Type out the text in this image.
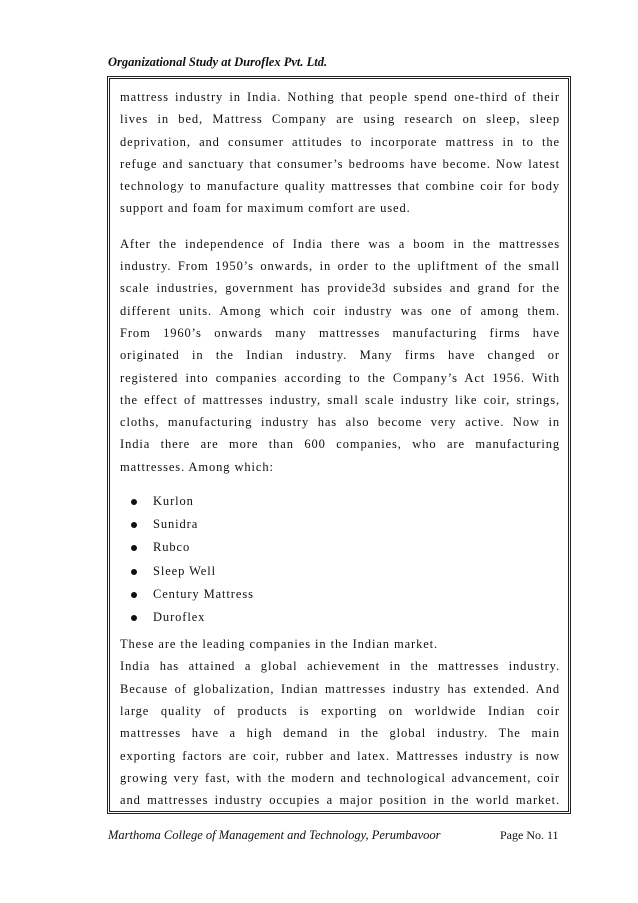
Organizational Study at Duroflex Pvt. Ltd.
mattress industry in India. Nothing that people spend one-third of their
lives in bed, Mattress Company are using research on sleep, sleep
deprivation, and consumer attitudes to incorporate mattress in to the
refuge and sanctuary that consumer’s bedrooms have become. Now latest
technology to manufacture quality mattresses that combine coir for body
support and foam for maximum comfort are used.
After the independence of India there was a boom in the mattresses
industry. From 1950’s onwards, in order to the upliftment of the small
scale industries, government has provide3d subsides and grand for the
different units. Among which coir industry was one of among them.
From 1960’s onwards many mattresses manufacturing firms have
originated in the Indian industry. Many firms have changed or
registered into companies according to the Company’s Act 1956. With
the effect of mattresses industry, small scale industry like coir, strings,
cloths, manufacturing industry has also become very active. Now in
India there are more than 600 companies, who are manufacturing
mattresses. Among which:
Kurlon
Sunidra
Rubco
Sleep Well
Century Mattress
Duroflex
These are the leading companies in the Indian market.
India has attained a global achievement in the mattresses industry.
Because of globalization, Indian mattresses industry has extended. And
large quality of products is exporting on worldwide Indian coir
mattresses have a high demand in the global industry. The main
exporting factors are coir, rubber and latex. Mattresses industry is now
growing very fast, with the modern and technological advancement, coir
and mattresses industry occupies a major position in the world market.
Marthoma College of Management and Technology, Perumbavoor	Page No. 11
